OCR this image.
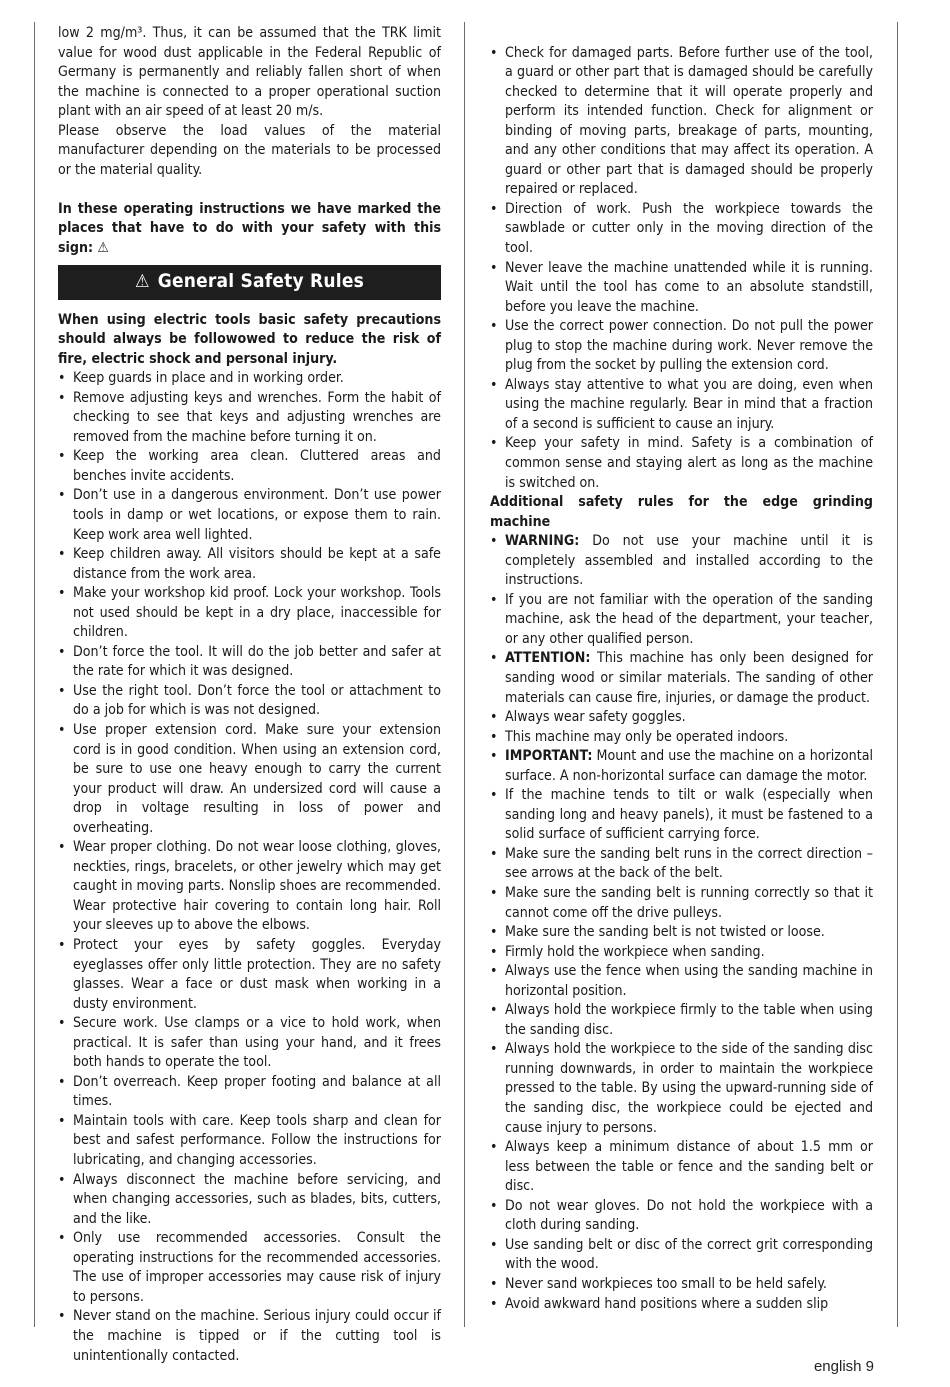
low 2 mg/m³. Thus, it can be assumed that the TRK limit value for wood dust applicable in the Federal Republic of Germany is permanently and reliably fallen short of when the machine is connected to a proper operational suction plant with an air speed of at least 20 m/s.

Please observe the load values of the material manufacturer depending on the materials to be processed or the material quality.

In these operating instructions we have marked the places that have to do with your safety with this sign: ⚠

⚠ General Safety Rules

When using electric tools basic safety precautions should always be followowed to reduce the risk of fire, electric shock and personal injury.

• Keep guards in place and in working order.
• Remove adjusting keys and wrenches. Form the habit of checking to see that keys and adjusting wrenches are removed from the machine before turning it on.
• Keep the working area clean. Cluttered areas and benches invite accidents.
• Don’t use in a dangerous environment. Don’t use power tools in damp or wet locations, or expose them to rain. Keep work area well lighted.
• Keep children away. All visitors should be kept at a safe distance from the work area.
• Make your workshop kid proof. Lock your workshop. Tools not used should be kept in a dry place, inaccessible for children.
• Don’t force the tool. It will do the job better and safer at the rate for which it was designed.
• Use the right tool. Don’t force the tool or attachment to do a job for which is was not designed.
• Use proper extension cord. Make sure your extension cord is in good condition. When using an extension cord, be sure to use one heavy enough to carry the current your product will draw. An undersized cord will cause a drop in voltage resulting in loss of power and overheating.
• Wear proper clothing. Do not wear loose clothing, gloves, neckties, rings, bracelets, or other jewelry which may get caught in moving parts. Nonslip shoes are recommended. Wear protective hair covering to contain long hair. Roll your sleeves up to above the elbows.
• Protect your eyes by safety goggles. Everyday eyeglasses offer only little protection. They are no safety glasses. Wear a face or dust mask when working in a dusty environment.
• Secure work. Use clamps or a vice to hold work, when practical. It is safer than using your hand, and it frees both hands to operate the tool.
• Don’t overreach. Keep proper footing and balance at all times.
• Maintain tools with care. Keep tools sharp and clean for best and safest performance. Follow the instructions for lubricating, and changing accessories.
• Always disconnect the machine before servicing, and when changing accessories, such as blades, bits, cutters, and the like.
• Only use recommended accessories. Consult the operating instructions for the recommended accessories. The use of improper accessories may cause risk of injury to persons.
• Never stand on the machine. Serious injury could occur if the machine is tipped or if the cutting tool is unintentionally contacted.
• Check for damaged parts. Before further use of the tool, a guard or other part that is damaged should be carefully checked to determine that it will operate properly and perform its intended function. Check for alignment or binding of moving parts, breakage of parts, mounting, and any other conditions that may affect its operation. A guard or other part that is damaged should be properly repaired or replaced.
• Direction of work. Push the workpiece towards the sawblade or cutter only in the moving direction of the tool.
• Never leave the machine unattended while it is running. Wait until the tool has come to an absolute standstill, before you leave the machine.
• Use the correct power connection. Do not pull the power plug to stop the machine during work. Never remove the plug from the socket by pulling the extension cord.
• Always stay attentive to what you are doing, even when using the machine regularly. Bear in mind that a fraction of a second is sufficient to cause an injury.
• Keep your safety in mind. Safety is a combination of common sense and staying alert as long as the machine is switched on.

Additional safety rules for the edge grinding machine

• WARNING: Do not use your machine until it is completely assembled and installed according to the instructions.
• If you are not familiar with the operation of the sanding machine, ask the head of the department, your teacher, or any other qualified person.
• ATTENTION: This machine has only been designed for sanding wood or similar materials. The sanding of other materials can cause fire, injuries, or damage the product.
• Always wear safety goggles.
• This machine may only be operated indoors.
• IMPORTANT: Mount and use the machine on a horizontal surface. A non-horizontal surface can damage the motor.
• If the machine tends to tilt or walk (especially when sanding long and heavy panels), it must be fastened to a solid surface of sufficient carrying force.
• Make sure the sanding belt runs in the correct direction – see arrows at the back of the belt.
• Make sure the sanding belt is running correctly so that it cannot come off the drive pulleys.
• Make sure the sanding belt is not twisted or loose.
• Firmly hold the workpiece when sanding.
• Always use the fence when using the sanding machine in horizontal position.
• Always hold the workpiece firmly to the table when using the sanding disc.
• Always hold the workpiece to the side of the sanding disc running downwards, in order to maintain the workpiece pressed to the table. By using the upward-running side of the sanding disc, the workpiece could be ejected and cause injury to persons.
• Always keep a minimum distance of about 1.5 mm or less between the table or fence and the sanding belt or disc.
• Do not wear gloves. Do not hold the workpiece with a cloth during sanding.
• Use sanding belt or disc of the correct grit corresponding with the wood.
• Never sand workpieces too small to be held safely.
• Avoid awkward hand positions where a sudden slip
english 9
